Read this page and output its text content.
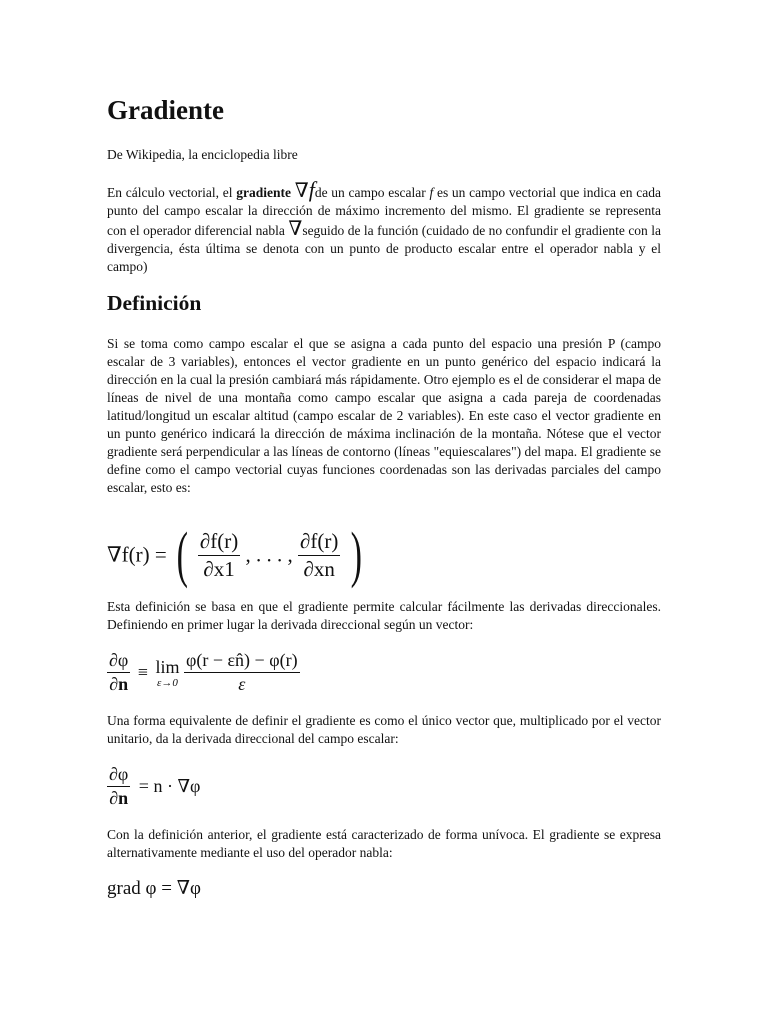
Gradiente

De Wikipedia, la enciclopedia libre

En cálculo vectorial, el gradiente ∇fde un campo escalar f es un campo vectorial que indica en cada punto del campo escalar la dirección de máximo incremento del mismo. El gradiente se representa con el operador diferencial nabla ∇seguido de la función (cuidado de no confundir el gradiente con la divergencia, ésta última se denota con un punto de producto escalar entre el operador nabla y el campo)

Definición

Si se toma como campo escalar el que se asigna a cada punto del espacio una presión P (campo escalar de 3 variables), entonces el vector gradiente en un punto genérico del espacio indicará la dirección en la cual la presión cambiará más rápidamente. Otro ejemplo es el de considerar el mapa de líneas de nivel de una montaña como campo escalar que asigna a cada pareja de coordenadas latitud/longitud un escalar altitud (campo escalar de 2 variables). En este caso el vector gradiente en un punto genérico indicará la dirección de máxima inclinación de la montaña. Nótese que el vector gradiente será perpendicular a las líneas de contorno (líneas "equiescalares") del mapa. El gradiente se define como el campo vectorial cuyas funciones coordenadas son las derivadas parciales del campo escalar, esto es:

∇f(r) = ( $\frac{\partial f(r)}{\partial x1}$ , . . . , $\frac{\partial f(r)}{\partial xn}$ )

Esta definición se basa en que el gradiente permite calcular fácilmente las derivadas direccionales. Definiendo en primer lugar la derivada direccional según un vector:

$\frac{\partial\varphi}{\partial n} \equiv \lim$
ε→0
$\frac{\varphi(r - \varepsilon n̂) - \varphi(r)}{\varepsilon}$

Una forma equivalente de definir el gradiente es como el único vector que, multiplicado por el vector unitario, da la derivada direccional del campo escalar:

$\frac{\partial\varphi}{\partial n} = n \cdot \nabla\varphi$

Con la definición anterior, el gradiente está caracterizado de forma unívoca. El gradiente se expresa alternativamente mediante el uso del operador nabla:

grad φ = ∇φ
